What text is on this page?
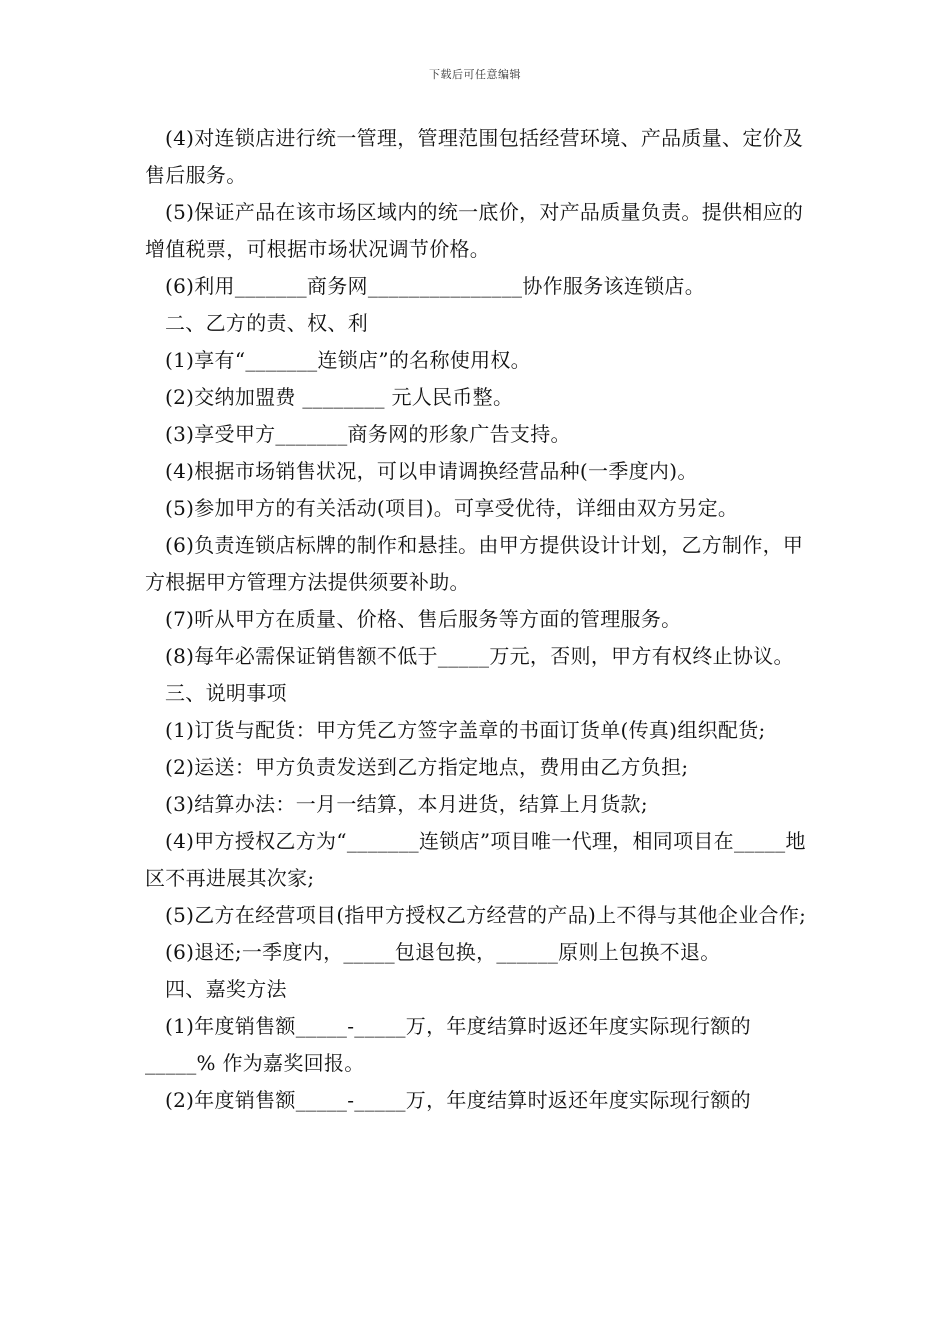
下载后可任意编辑

(4)对连锁店进行统一管理，管理范围包括经营环境、产品质量、定价及售后服务。

(5)保证产品在该市场区域内的统一底价，对产品质量负责。提供相应的增值税票，可根据市场状况调节价格。

(6)利用_______商务网_______________协作服务该连锁店。

二、乙方的责、权、利

(1)享有“_______连锁店”的名称使用权。

(2)交纳加盟费 ________ 元人民币整。

(3)享受甲方_______商务网的形象广告支持。

(4)根据市场销售状况，可以申请调换经营品种(一季度内)。

(5)参加甲方的有关活动(项目)。可享受优待，详细由双方另定。

(6)负责连锁店标牌的制作和悬挂。由甲方提供设计计划，乙方制作，甲方根据甲方管理方法提供须要补助。

(7)听从甲方在质量、价格、售后服务等方面的管理服务。

(8)每年必需保证销售额不低于_____万元，否则，甲方有权终止协议。

三、说明事项

(1)订货与配货：甲方凭乙方签字盖章的书面订货单(传真)组织配货;

(2)运送：甲方负责发送到乙方指定地点，费用由乙方负担;

(3)结算办法：一月一结算，本月进货，结算上月货款;

(4)甲方授权乙方为“_______连锁店”项目唯一代理，相同项目在_____地区不再进展其次家;

(5)乙方在经营项目(指甲方授权乙方经营的产品)上不得与其他企业合作;

(6)退还;一季度内，_____包退包换，______原则上包换不退。

四、嘉奖方法

(1)年度销售额_____-_____万，年度结算时返还年度实际现行额的_____% 作为嘉奖回报。

(2)年度销售额_____-_____万，年度结算时返还年度实际现行额的
